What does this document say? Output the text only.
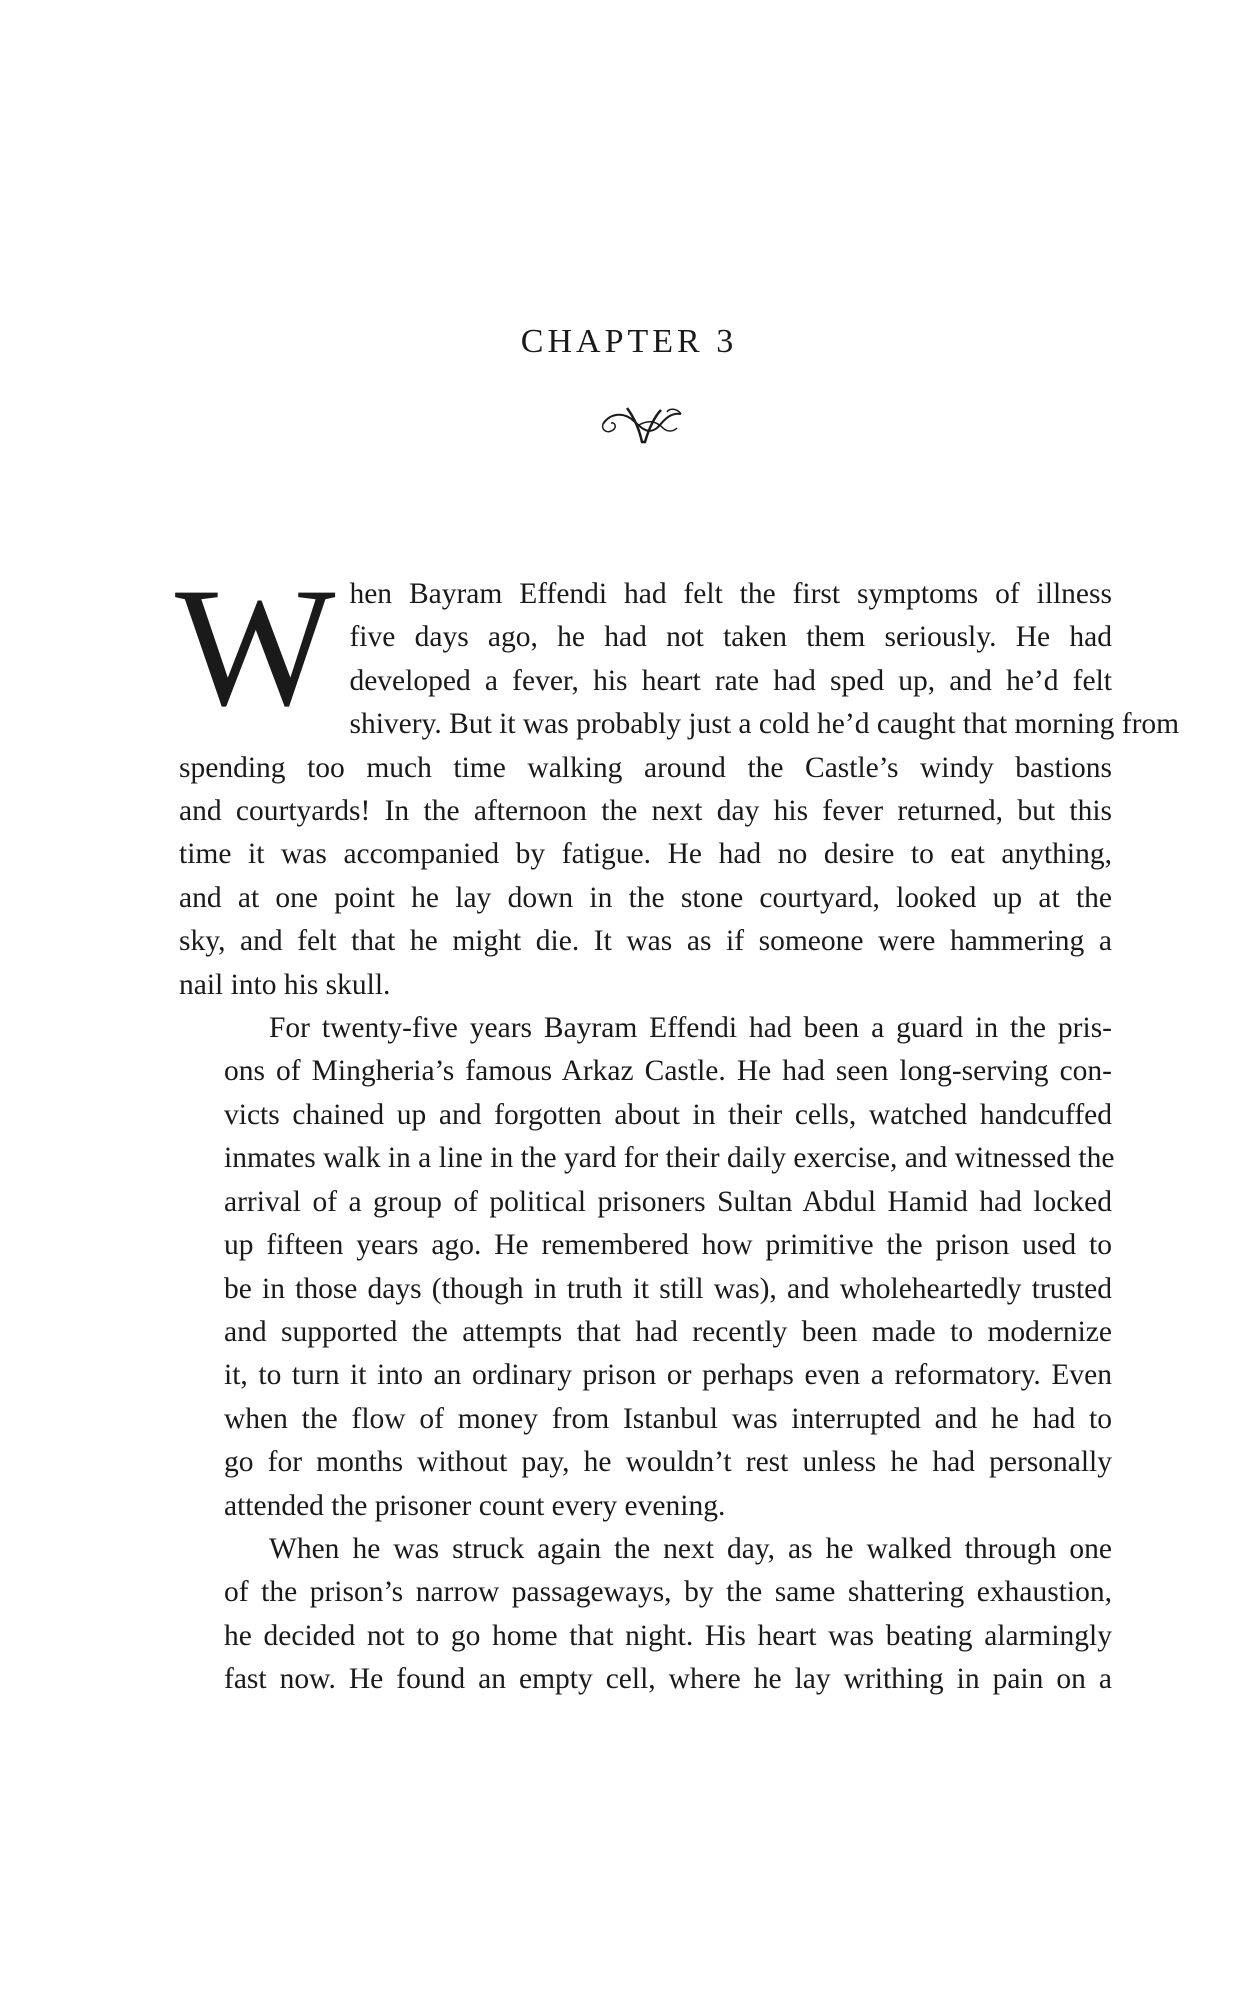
CHAPTER 3
W hen Bayram Effendi had felt the first symptoms of illness
five days ago, he had not taken them seriously. He had
developed a fever, his heart rate had sped up, and he’d felt
shivery. But it was probably just a cold he’d caught that morning from
spending too much time walking around the Castle’s windy bastions
and courtyards! In the afternoon the next day his fever returned, but this
time it was accompanied by fatigue. He had no desire to eat anything,
and at one point he lay down in the stone courtyard, looked up at the
sky, and felt that he might die. It was as if someone were hammering a
nail into his skull.
For twenty-five years Bayram Effendi had been a guard in the pris-
ons of Mingheria’s famous Arkaz Castle. He had seen long-serving con-
victs chained up and forgotten about in their cells, watched handcuffed
inmates walk in a line in the yard for their daily exercise, and witnessed the
arrival of a group of political prisoners Sultan Abdul Hamid had locked
up fifteen years ago. He remembered how primitive the prison used to
be in those days (though in truth it still was), and wholeheartedly trusted
and supported the attempts that had recently been made to modernize
it, to turn it into an ordinary prison or perhaps even a reformatory. Even
when the flow of money from Istanbul was interrupted and he had to
go for months without pay, he wouldn’t rest unless he had personally
attended the prisoner count every evening.
When he was struck again the next day, as he walked through one
of the prison’s narrow passageways, by the same shattering exhaustion,
he decided not to go home that night. His heart was beating alarmingly
fast now. He found an empty cell, where he lay writhing in pain on a
